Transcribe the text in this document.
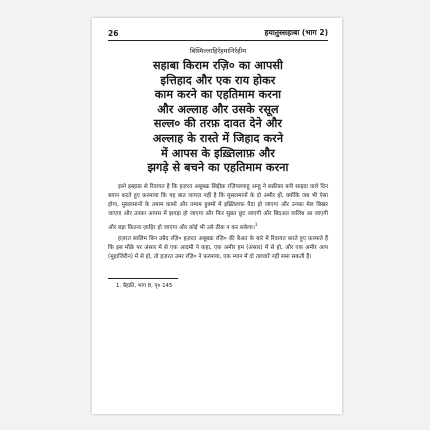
26	हयातुस्सहाबा (भाग 2)
बिस्मिल्लाहिर्रहमानिर्रहीम
सहाबा किराम रज़ि० का आपसी
इत्तिहाद और एक राय होकर
काम करने का एहतिमाम करना
और अल्लाह और उसके रसूल
सल्ल० की तरफ़ दावत देने और
अल्लाह के रास्ते में जिहाद करने
में आपस के इख़्तिलाफ़ और
झगड़े से बचने का एहतिमाम करना

इब्ने इस्हाक़ से रिवायत है कि हज़रत अबूबक्र सिद्दीक़ रज़ियल्लाहु अन्हु ने सक़ीफ़ा बनी साइदा वाले दिन बयान करते हुए फ़रमाया कि यह बात जायज़ नहीं है कि मुसलमानों के दो अमीर हों, क्योंकि जब भी ऐसा होगा, मुसलमानों के तमाम कामों और तमाम हुक्मों में इख़्तिलाफ़ पैदा हो जाएगा और उनका मेल बिखर जाएगा और उनका आपस में झगड़ा हो जाएगा और फिर सुन्नत छूट जाएगी और बिदअत ग़ालिब आ जाएगी और बड़ा फ़ितना ज़ाहिर हो जाएगा और कोई भी उसे ठीक न कर सकेगा।$^1$

हज़रत सालिम बिन उबैद रज़ि० हज़रत अबूबक्र रज़ि० की बैअत के बारे में रिवायत करते हुए फ़रमाते हैं कि इस मौक़े पर अंसार में से एक आदमी ने कहा, एक अमीर हम (अंसार) में से हो, और एक अमीर आप (मुहाजिरीन) में से हो, तो हज़रत उमर रज़ि० ने फ़रमाया, एक म्यान में दो तलवारें नहीं समा सकती हैं।

1. बैहक़ी, भाग 8, पृ० 145
